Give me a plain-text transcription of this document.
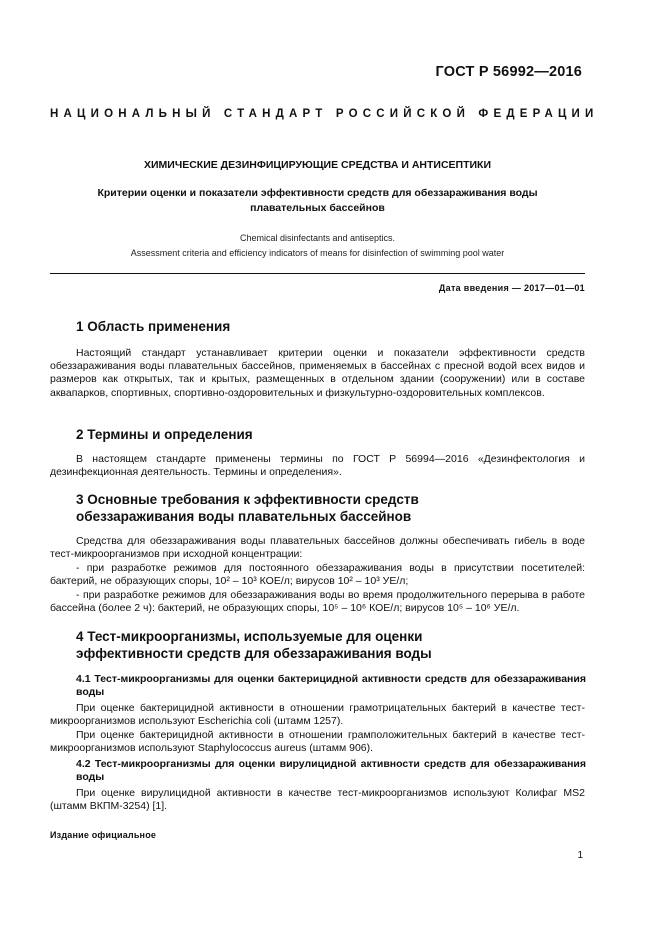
ГОСТ Р 56992—2016
НАЦИОНАЛЬНЫЙ СТАНДАРТ РОССИЙСКОЙ ФЕДЕРАЦИИ
ХИМИЧЕСКИЕ ДЕЗИНФИЦИРУЮЩИЕ СРЕДСТВА И АНТИСЕПТИКИ
Критерии оценки и показатели эффективности средств для обеззараживания воды
плавательных бассейнов
Chemical disinfectants and antiseptics.
Assessment criteria and efficiency indicators of means for disinfection of swimming pool water
Дата введения — 2017—01—01
1 Область применения
Настоящий стандарт устанавливает критерии оценки и показатели эффективности средств обеззараживания воды плавательных бассейнов, применяемых в бассейнах с пресной водой всех видов и размеров как открытых, так и крытых, размещенных в отдельном здании (сооружении) или в составе аквапарков, спортивных, спортивно-оздоровительных и физкультурно-оздоровительных комплексов.
2 Термины и определения
В настоящем стандарте применены термины по ГОСТ Р 56994—2016 «Дезинфектология и дезинфекционная деятельность. Термины и определения».
3 Основные требования к эффективности средств
обеззараживания воды плавательных бассейнов
Средства для обеззараживания воды плавательных бассейнов должны обеспечивать гибель в воде тест-микроорганизмов при исходной концентрации:
- при разработке режимов для постоянного обеззараживания воды в присутствии посетителей: бактерий, не образующих споры, 10² – 10³ КОЕ/л; вирусов 10² – 10³ УЕ/л;
- при разработке режимов для обеззараживания воды во время продолжительного перерыва в работе бассейна (более 2 ч): бактерий, не образующих споры, 10⁵ – 10⁶ КОЕ/л; вирусов 10⁵ – 10⁶ УЕ/л.
4 Тест-микроорганизмы, используемые для оценки
эффективности средств для обеззараживания воды
4.1 Тест-микроорганизмы для оценки бактерицидной активности средств для обеззараживания воды
При оценке бактерицидной активности в отношении грамотрицательных бактерий в качестве тест-микроорганизмов используют Escherichia coli (штамм 1257).
При оценке бактерицидной активности в отношении грамположительных бактерий в качестве тест-микроорганизмов используют Staphylococcus aureus (штамм 906).
4.2 Тест-микроорганизмы для оценки вирулицидной активности средств для обеззараживания воды
При оценке вирулицидной активности в качестве тест-микроорганизмов используют Колифаг MS2 (штамм ВКПМ-3254) [1].
Издание официальное
1
